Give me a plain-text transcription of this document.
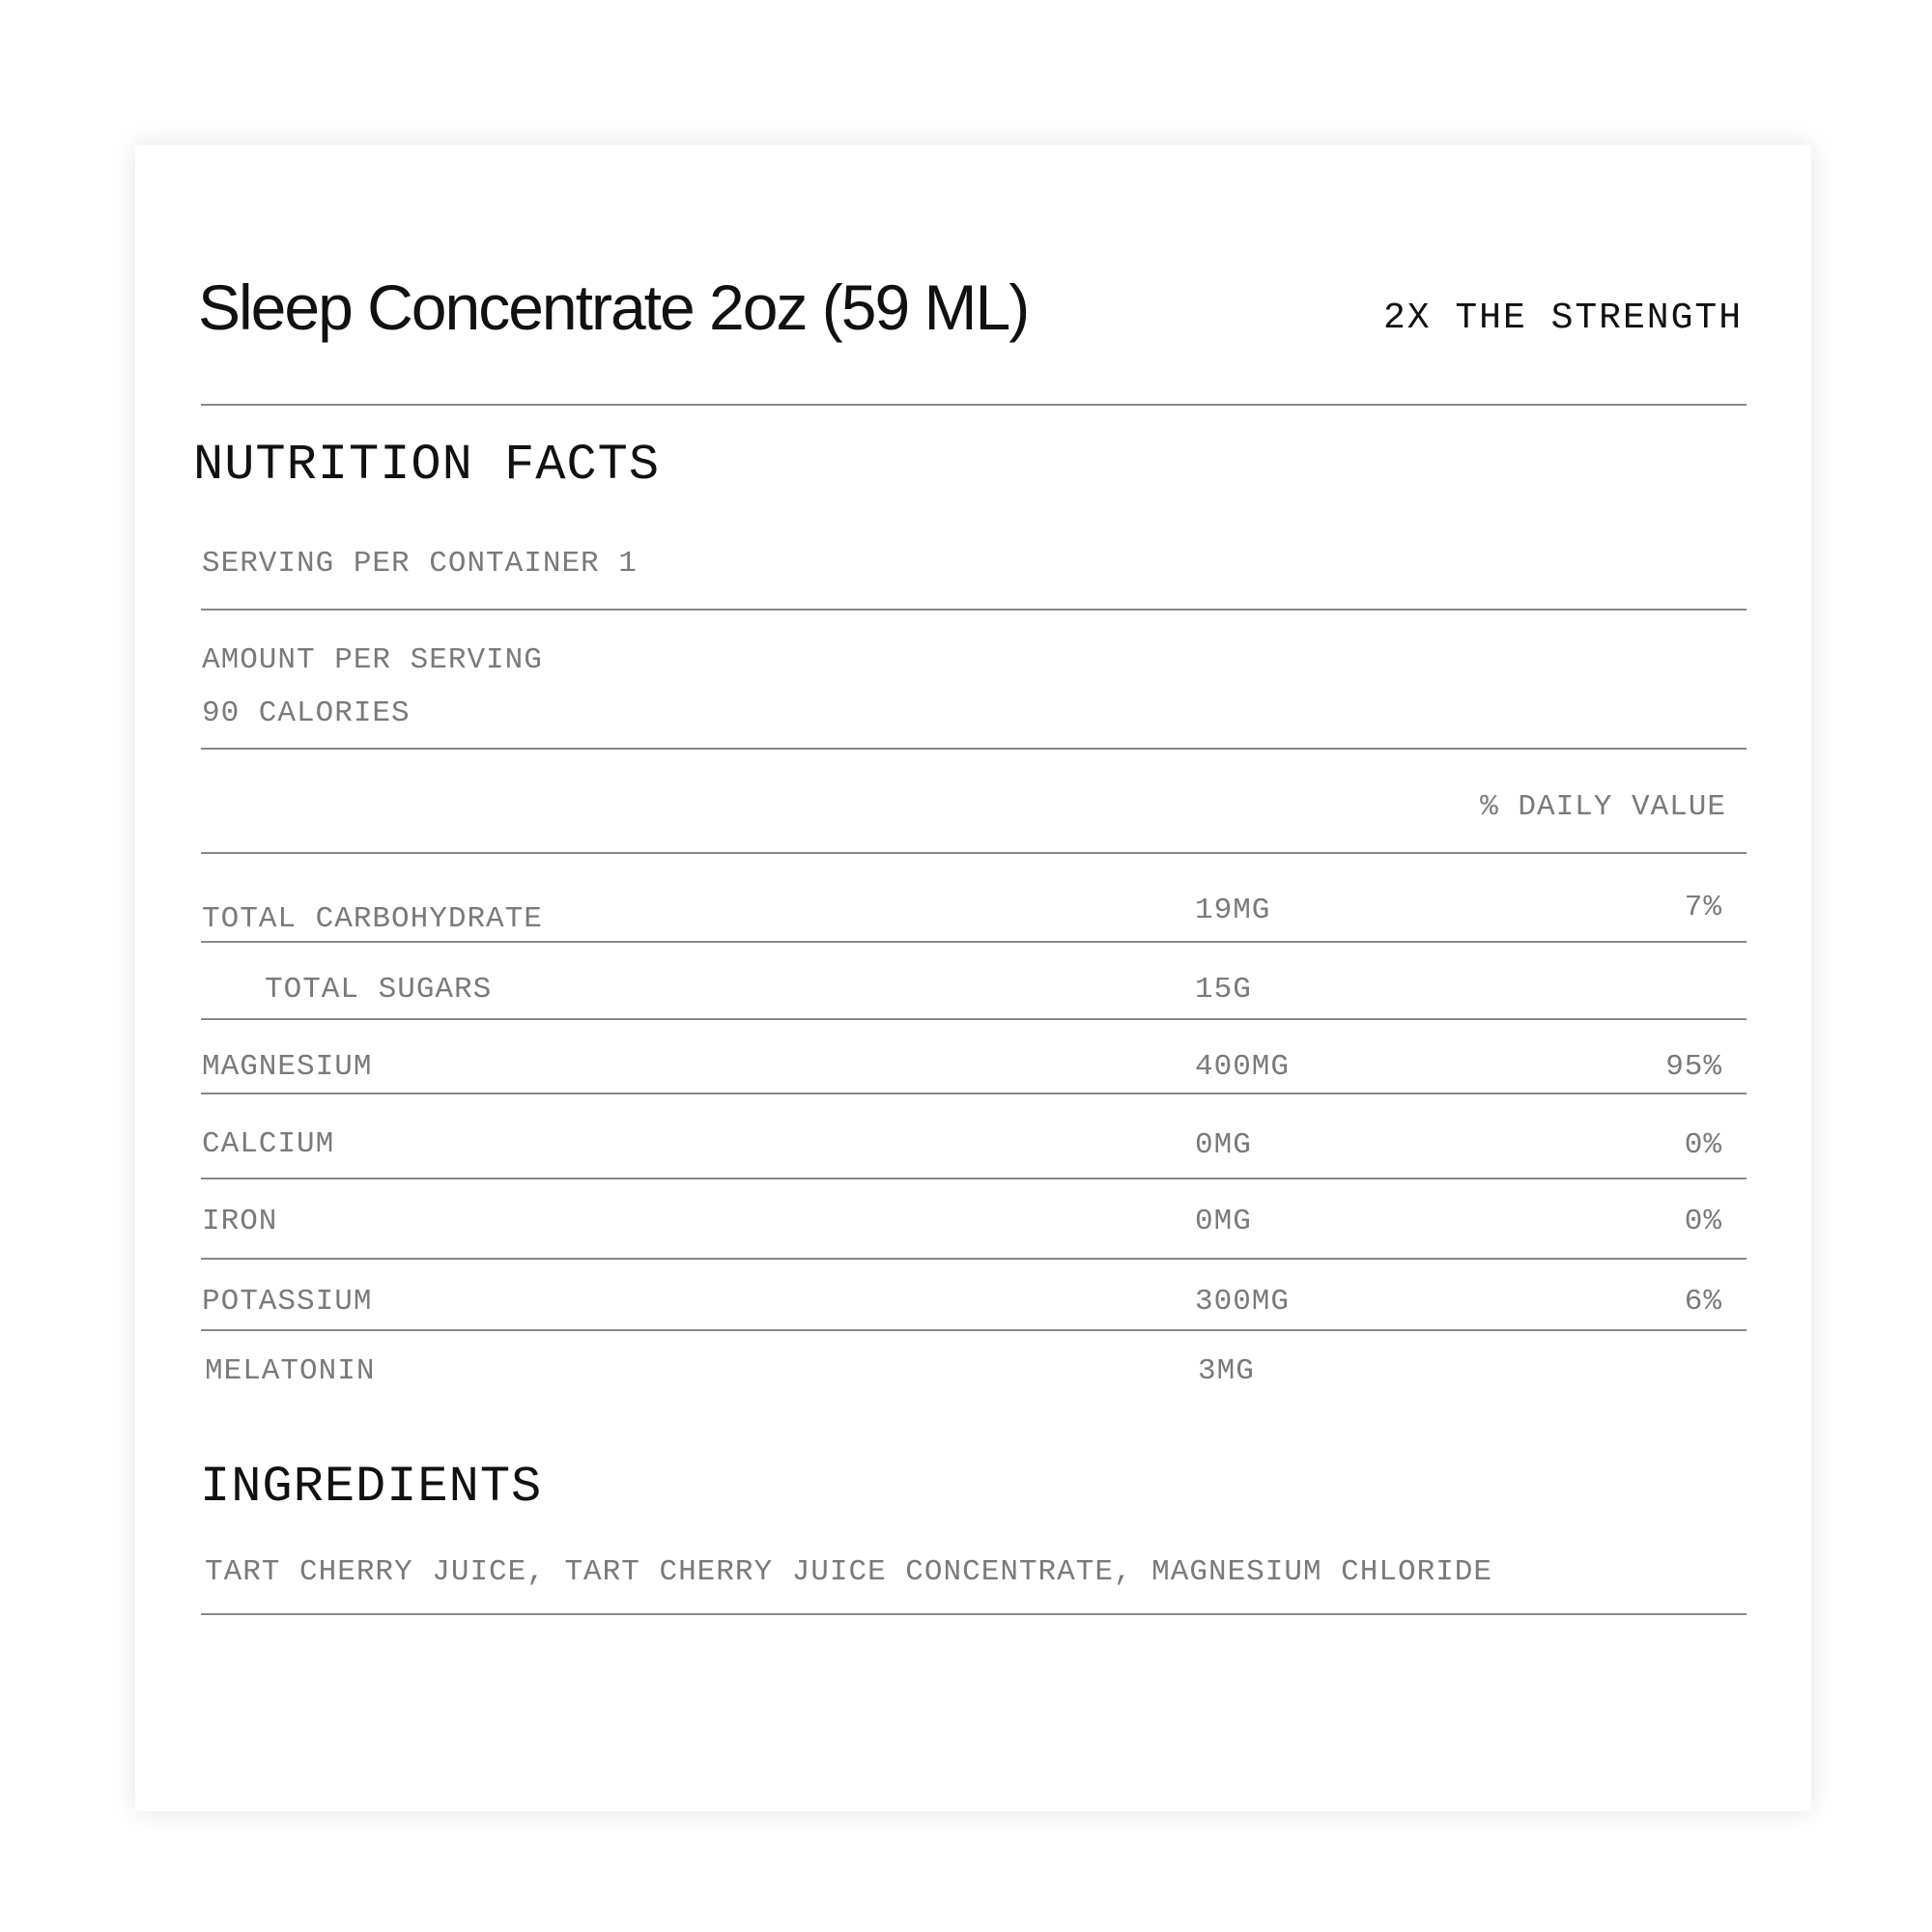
Sleep Concentrate 2oz (59 ML)	2X THE STRENGTH
NUTRITION FACTS
SERVING PER CONTAINER 1
AMOUNT PER SERVING
90 CALORIES
% DAILY VALUE
TOTAL CARBOHYDRATE	19MG	7%
TOTAL SUGARS	15G
MAGNESIUM	400MG	95%
CALCIUM	0MG	0%
IRON	0MG	0%
POTASSIUM	300MG	6%
MELATONIN	3MG
INGREDIENTS
TART CHERRY JUICE, TART CHERRY JUICE CONCENTRATE, MAGNESIUM CHLORIDE
